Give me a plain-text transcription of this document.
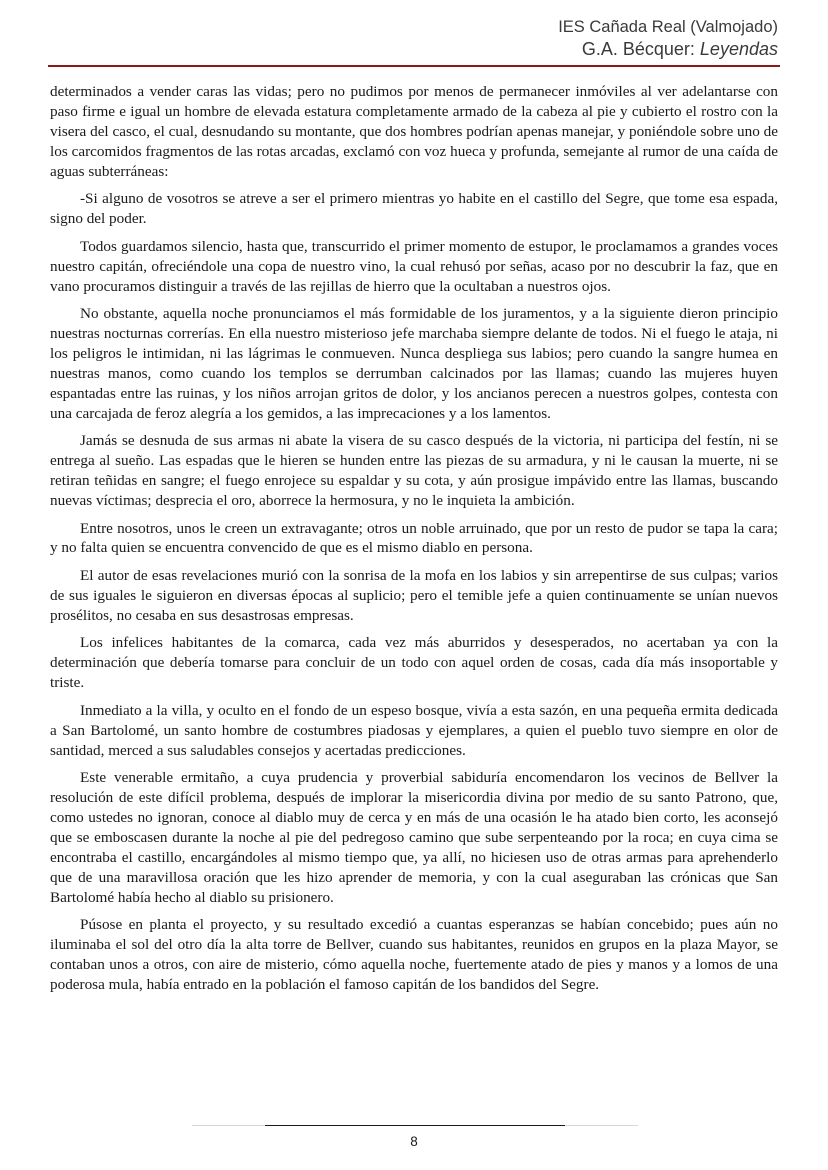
IES Cañada Real (Valmojado)
G.A. Bécquer: Leyendas

determinados a vender caras las vidas; pero no pudimos por menos de permanecer inmóviles al ver adelantarse con paso firme e igual un hombre de elevada estatura completamente armado de la cabeza al pie y cubierto el rostro con la visera del casco, el cual, desnudando su montante, que dos hombres podrían apenas manejar, y poniéndole sobre uno de los carcomidos fragmentos de las rotas arcadas, exclamó con voz hueca y profunda, semejante al rumor de una caída de aguas subterráneas:

-Si alguno de vosotros se atreve a ser el primero mientras yo habite en el castillo del Segre, que tome esa espada, signo del poder.

Todos guardamos silencio, hasta que, transcurrido el primer momento de estupor, le proclamamos a grandes voces nuestro capitán, ofreciéndole una copa de nuestro vino, la cual rehusó por señas, acaso por no descubrir la faz, que en vano procuramos distinguir a través de las rejillas de hierro que la ocultaban a nuestros ojos.

No obstante, aquella noche pronunciamos el más formidable de los juramentos, y a la siguiente dieron principio nuestras nocturnas correrías. En ella nuestro misterioso jefe marchaba siempre delante de todos. Ni el fuego le ataja, ni los peligros le intimidan, ni las lágrimas le conmueven. Nunca despliega sus labios; pero cuando la sangre humea en nuestras manos, como cuando los templos se derrumban calcinados por las llamas; cuando las mujeres huyen espantadas entre las ruinas, y los niños arrojan gritos de dolor, y los ancianos perecen a nuestros golpes, contesta con una carcajada de feroz alegría a los gemidos, a las imprecaciones y a los lamentos.

Jamás se desnuda de sus armas ni abate la visera de su casco después de la victoria, ni participa del festín, ni se entrega al sueño. Las espadas que le hieren se hunden entre las piezas de su armadura, y ni le causan la muerte, ni se retiran teñidas en sangre; el fuego enrojece su espaldar y su cota, y aún prosigue impávido entre las llamas, buscando nuevas víctimas; desprecia el oro, aborrece la hermosura, y no le inquieta la ambición.

Entre nosotros, unos le creen un extravagante; otros un noble arruinado, que por un resto de pudor se tapa la cara; y no falta quien se encuentra convencido de que es el mismo diablo en persona.

El autor de esas revelaciones murió con la sonrisa de la mofa en los labios y sin arrepentirse de sus culpas; varios de sus iguales le siguieron en diversas épocas al suplicio; pero el temible jefe a quien continuamente se unían nuevos prosélitos, no cesaba en sus desastrosas empresas.

Los infelices habitantes de la comarca, cada vez más aburridos y desesperados, no acertaban ya con la determinación que debería tomarse para concluir de un todo con aquel orden de cosas, cada día más insoportable y triste.

Inmediato a la villa, y oculto en el fondo de un espeso bosque, vivía a esta sazón, en una pequeña ermita dedicada a San Bartolomé, un santo hombre de costumbres piadosas y ejemplares, a quien el pueblo tuvo siempre en olor de santidad, merced a sus saludables consejos y acertadas predicciones.

Este venerable ermitaño, a cuya prudencia y proverbial sabiduría encomendaron los vecinos de Bellver la resolución de este difícil problema, después de implorar la misericordia divina por medio de su santo Patrono, que, como ustedes no ignoran, conoce al diablo muy de cerca y en más de una ocasión le ha atado bien corto, les aconsejó que se emboscasen durante la noche al pie del pedregoso camino que sube serpenteando por la roca; en cuya cima se encontraba el castillo, encargándoles al mismo tiempo que, ya allí, no hiciesen uso de otras armas para aprehenderlo que de una maravillosa oración que les hizo aprender de memoria, y con la cual aseguraban las crónicas que San Bartolomé había hecho al diablo su prisionero.

Púsose en planta el proyecto, y su resultado excedió a cuantas esperanzas se habían concebido; pues aún no iluminaba el sol del otro día la alta torre de Bellver, cuando sus habitantes, reunidos en grupos en la plaza Mayor, se contaban unos a otros, con aire de misterio, cómo aquella noche, fuertemente atado de pies y manos y a lomos de una poderosa mula, había entrado en la población el famoso capitán de los bandidos del Segre.

8
